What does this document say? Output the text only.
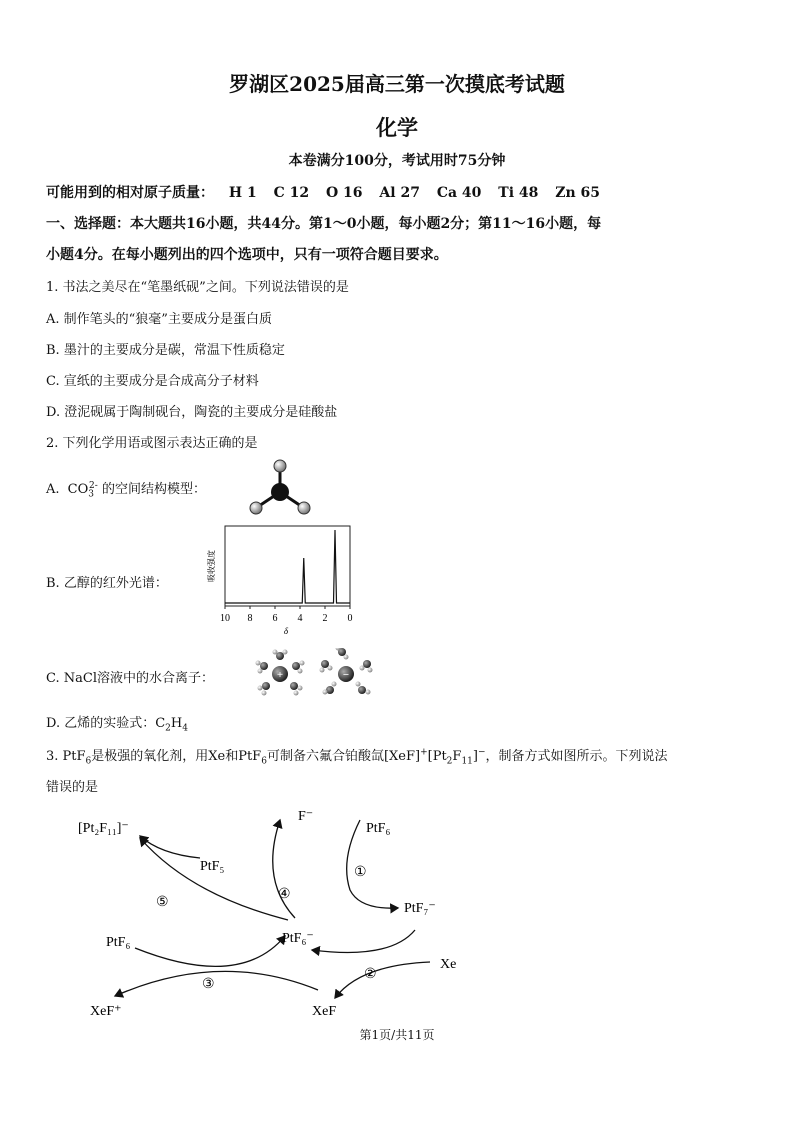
罗湖区2025届高三第一次摸底考试题
化学
本卷满分100分，考试用时75分钟
可能用到的相对原子质量： H 1 C 12 O 16 Al 27 Ca 40 Ti 48 Zn 65
一、选择题：本大题共16小题，共44分。第1～0小题，每小题2分；第11～16小题，每
小题4分。在每小题列出的四个选项中，只有一项符合题目要求。
1. 书法之美尽在“笔墨纸砚”之间。下列说法错误的是
A. 制作笔头的“狼毫”主要成分是蛋白质
B. 墨汁的主要成分是碳，常温下性质稳定
C. 宣纸的主要成分是合成高分子材料
D. 澄泥砚属于陶制砚台，陶瓷的主要成分是硅酸盐
2. 下列化学用语或图示表达正确的是
A. $CO_3^{2-}$ 的空间结构模型：
B. 乙醇的红外光谱：
吸收强度
10 8 6 4 2 0
δ
C. NaCl溶液中的水合离子：	+	−
D. 乙烯的实验式：$C_2H_4$
3. PtF$_6$是极强的氧化剂，用Xe和PtF$_6$可制备六氟合铂酸氙$[XeF]^+[Pt_2F_{11}]^-$，制备方式如图所示。下列说法
错误的是
[Pt₂F₁₁]⁻
PtF₅
F⁻
PtF₆
PtF₇⁻
PtF₆⁻
PtF₆
Xe
XeF⁺	XeF
①
②
③
④
⑤
第1页/共11页
